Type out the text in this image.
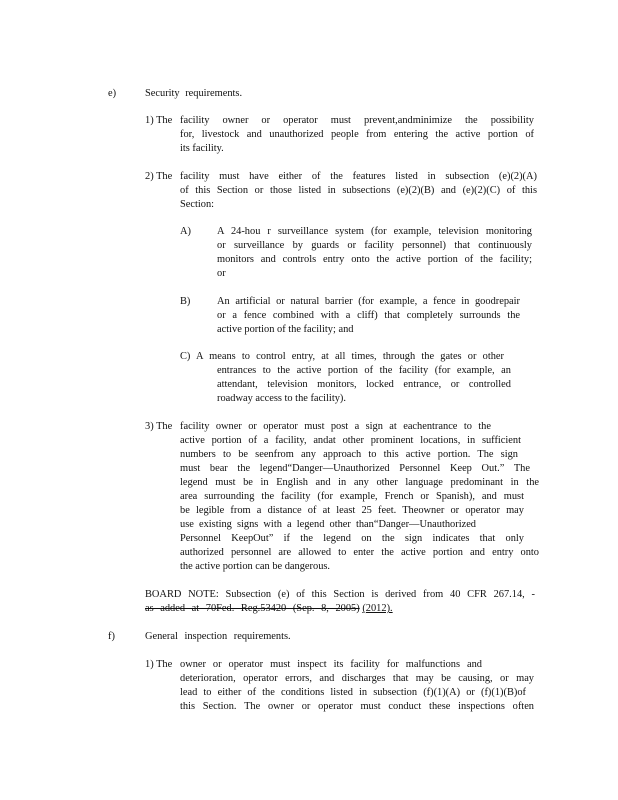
e)	Security requirements.
1) The facility owner or operator must prevent,andminimize the possibility
for, livestock and unauthorized people from entering the active portion of
its facility.
2) The facility must have either of the features listed in subsection (e)(2)(A)
of this Section or those listed in subsections (e)(2)(B) and (e)(2)(C) of this
Section:
A)	A 24-hou r surveillance system (for example, television monitoring
or surveillance by guards or facility personnel) that continuously
monitors and controls entry onto the active portion of the facility;
or
B)	An artificial or natural barrier (for example, a fence in goodrepair
or a fence combined with a cliff) that completely surrounds the
active portion of the facility; and
C) A means to control entry, at all times, through the gates or other
entrances to the active portion of the facility (for example, an
attendant, television monitors, locked entrance, or controlled
roadway access to the facility).
3) The facility owner or operator must post a sign at eachentrance to the
active portion of a facility, andat other prominent locations, in sufficient
numbers to be seenfrom any approach to this active portion. The sign
must bear the legend“Danger—Unauthorized Personnel Keep Out.” The
legend must be in English and in any other language predominant in the
area surrounding the facility (for example, French or Spanish), and must
be legible from a distance of at least 25 feet. Theowner or operator may
use existing signs with a legend other than“Danger—Unauthorized
Personnel KeepOut” if the legend on the sign indicates that only
authorized personnel are allowed to enter the active portion and entry onto
the active portion can be dangerous.
BOARD NOTE: Subsection (e) of this Section is derived from 40 CFR 267.14, -
as added at 70Fed. Reg.53420 (Sep. 8, 2005) (2012).
f)	General inspection requirements.
1) The owner or operator must inspect its facility for malfunctions and
deterioration, operator errors, and discharges that may be causing, or may
lead to either of the conditions listed in subsection (f)(1)(A) or (f)(1)(B)of
this Section. The owner or operator must conduct these inspections often
